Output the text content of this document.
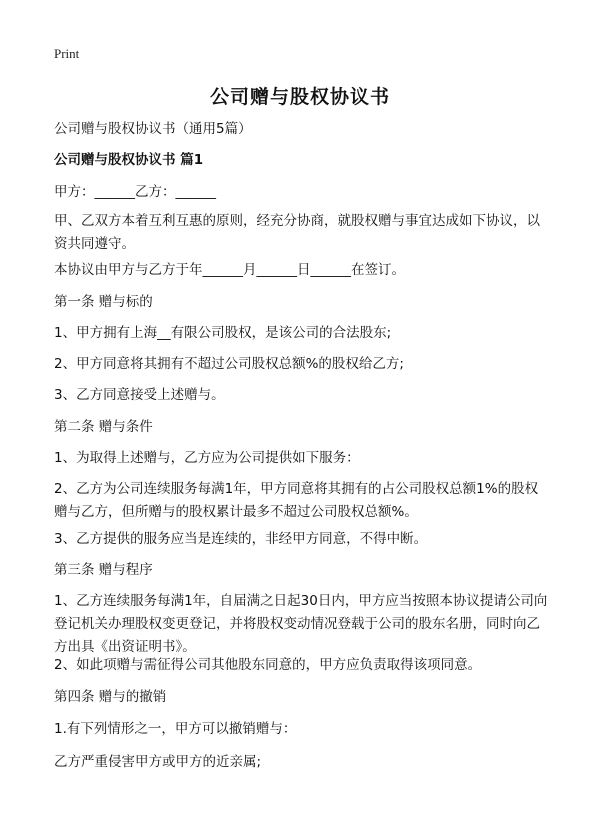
Print
公司赠与股权协议书
公司赠与股权协议书（通用5篇）
公司赠与股权协议书 篇1
甲方：______乙方：______
甲、乙双方本着互利互惠的原则，经充分协商，就股权赠与事宜达成如下协议，以资共同遵守。
本协议由甲方与乙方于年______月______日______在签订。
第一条 赠与标的
1、甲方拥有上海__有限公司股权，是该公司的合法股东;
2、甲方同意将其拥有不超过公司股权总额%的股权给乙方;
3、乙方同意接受上述赠与。
第二条 赠与条件
1、为取得上述赠与，乙方应为公司提供如下服务：
2、乙方为公司连续服务每满1年，甲方同意将其拥有的占公司股权总额1%的股权赠与乙方，但所赠与的股权累计最多不超过公司股权总额%。
3、乙方提供的服务应当是连续的，非经甲方同意，不得中断。
第三条 赠与程序
1、乙方连续服务每满1年，自届满之日起30日内，甲方应当按照本协议提请公司向登记机关办理股权变更登记，并将股权变动情况登载于公司的股东名册，同时向乙方出具《出资证明书》。
2、如此项赠与需征得公司其他股东同意的，甲方应负责取得该项同意。
第四条 赠与的撤销
1.有下列情形之一，甲方可以撤销赠与：
乙方严重侵害甲方或甲方的近亲属;
